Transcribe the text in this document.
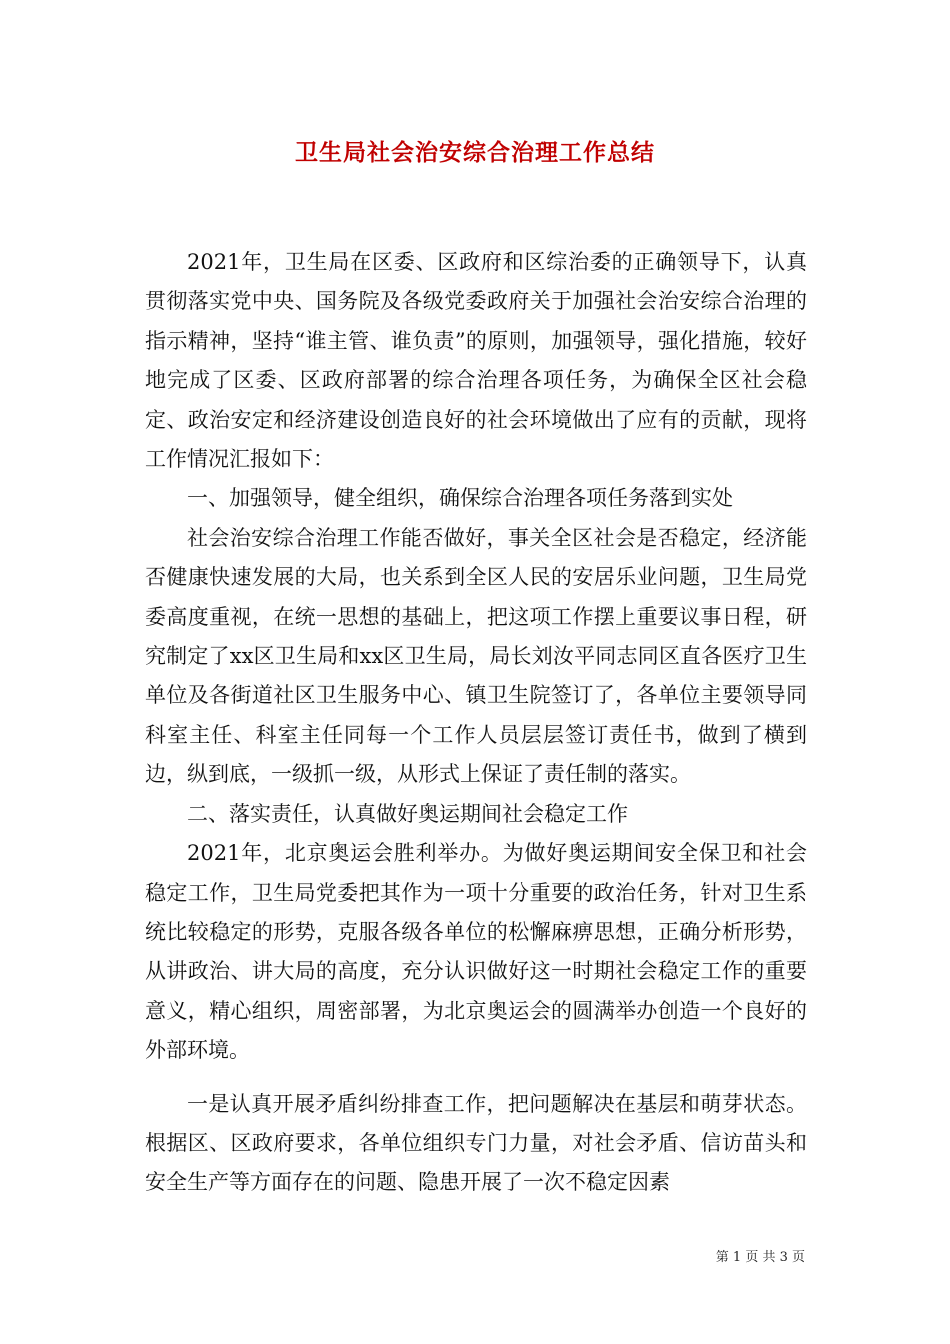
卫生局社会治安综合治理工作总结

2021年，卫生局在区委、区政府和区综治委的正确领导下，认真贯彻落实党中央、国务院及各级党委政府关于加强社会治安综合治理的指示精神，坚持“谁主管、谁负责”的原则，加强领导，强化措施，较好地完成了区委、区政府部署的综合治理各项任务，为确保全区社会稳定、政治安定和经济建设创造良好的社会环境做出了应有的贡献，现将工作情况汇报如下：

一、加强领导，健全组织，确保综合治理各项任务落到实处

社会治安综合治理工作能否做好，事关全区社会是否稳定，经济能否健康快速发展的大局，也关系到全区人民的安居乐业问题，卫生局党委高度重视，在统一思想的基础上，把这项工作摆上重要议事日程，研究制定了xx区卫生局和xx区卫生局，局长刘汝平同志同区直各医疗卫生单位及各街道社区卫生服务中心、镇卫生院签订了，各单位主要领导同科室主任、科室主任同每一个工作人员层层签订责任书，做到了横到边，纵到底，一级抓一级，从形式上保证了责任制的落实。

二、落实责任，认真做好奥运期间社会稳定工作

2021年，北京奥运会胜利举办。为做好奥运期间安全保卫和社会稳定工作，卫生局党委把其作为一项十分重要的政治任务，针对卫生系统比较稳定的形势，克服各级各单位的松懈麻痹思想，正确分析形势，从讲政治、讲大局的高度，充分认识做好这一时期社会稳定工作的重要意义，精心组织，周密部署，为北京奥运会的圆满举办创造一个良好的外部环境。

一是认真开展矛盾纠纷排查工作，把问题解决在基层和萌芽状态。根据区、区政府要求，各单位组织专门力量，对社会矛盾、信访苗头和安全生产等方面存在的问题、隐患开展了一次不稳定因素

第 1 页 共 3 页
